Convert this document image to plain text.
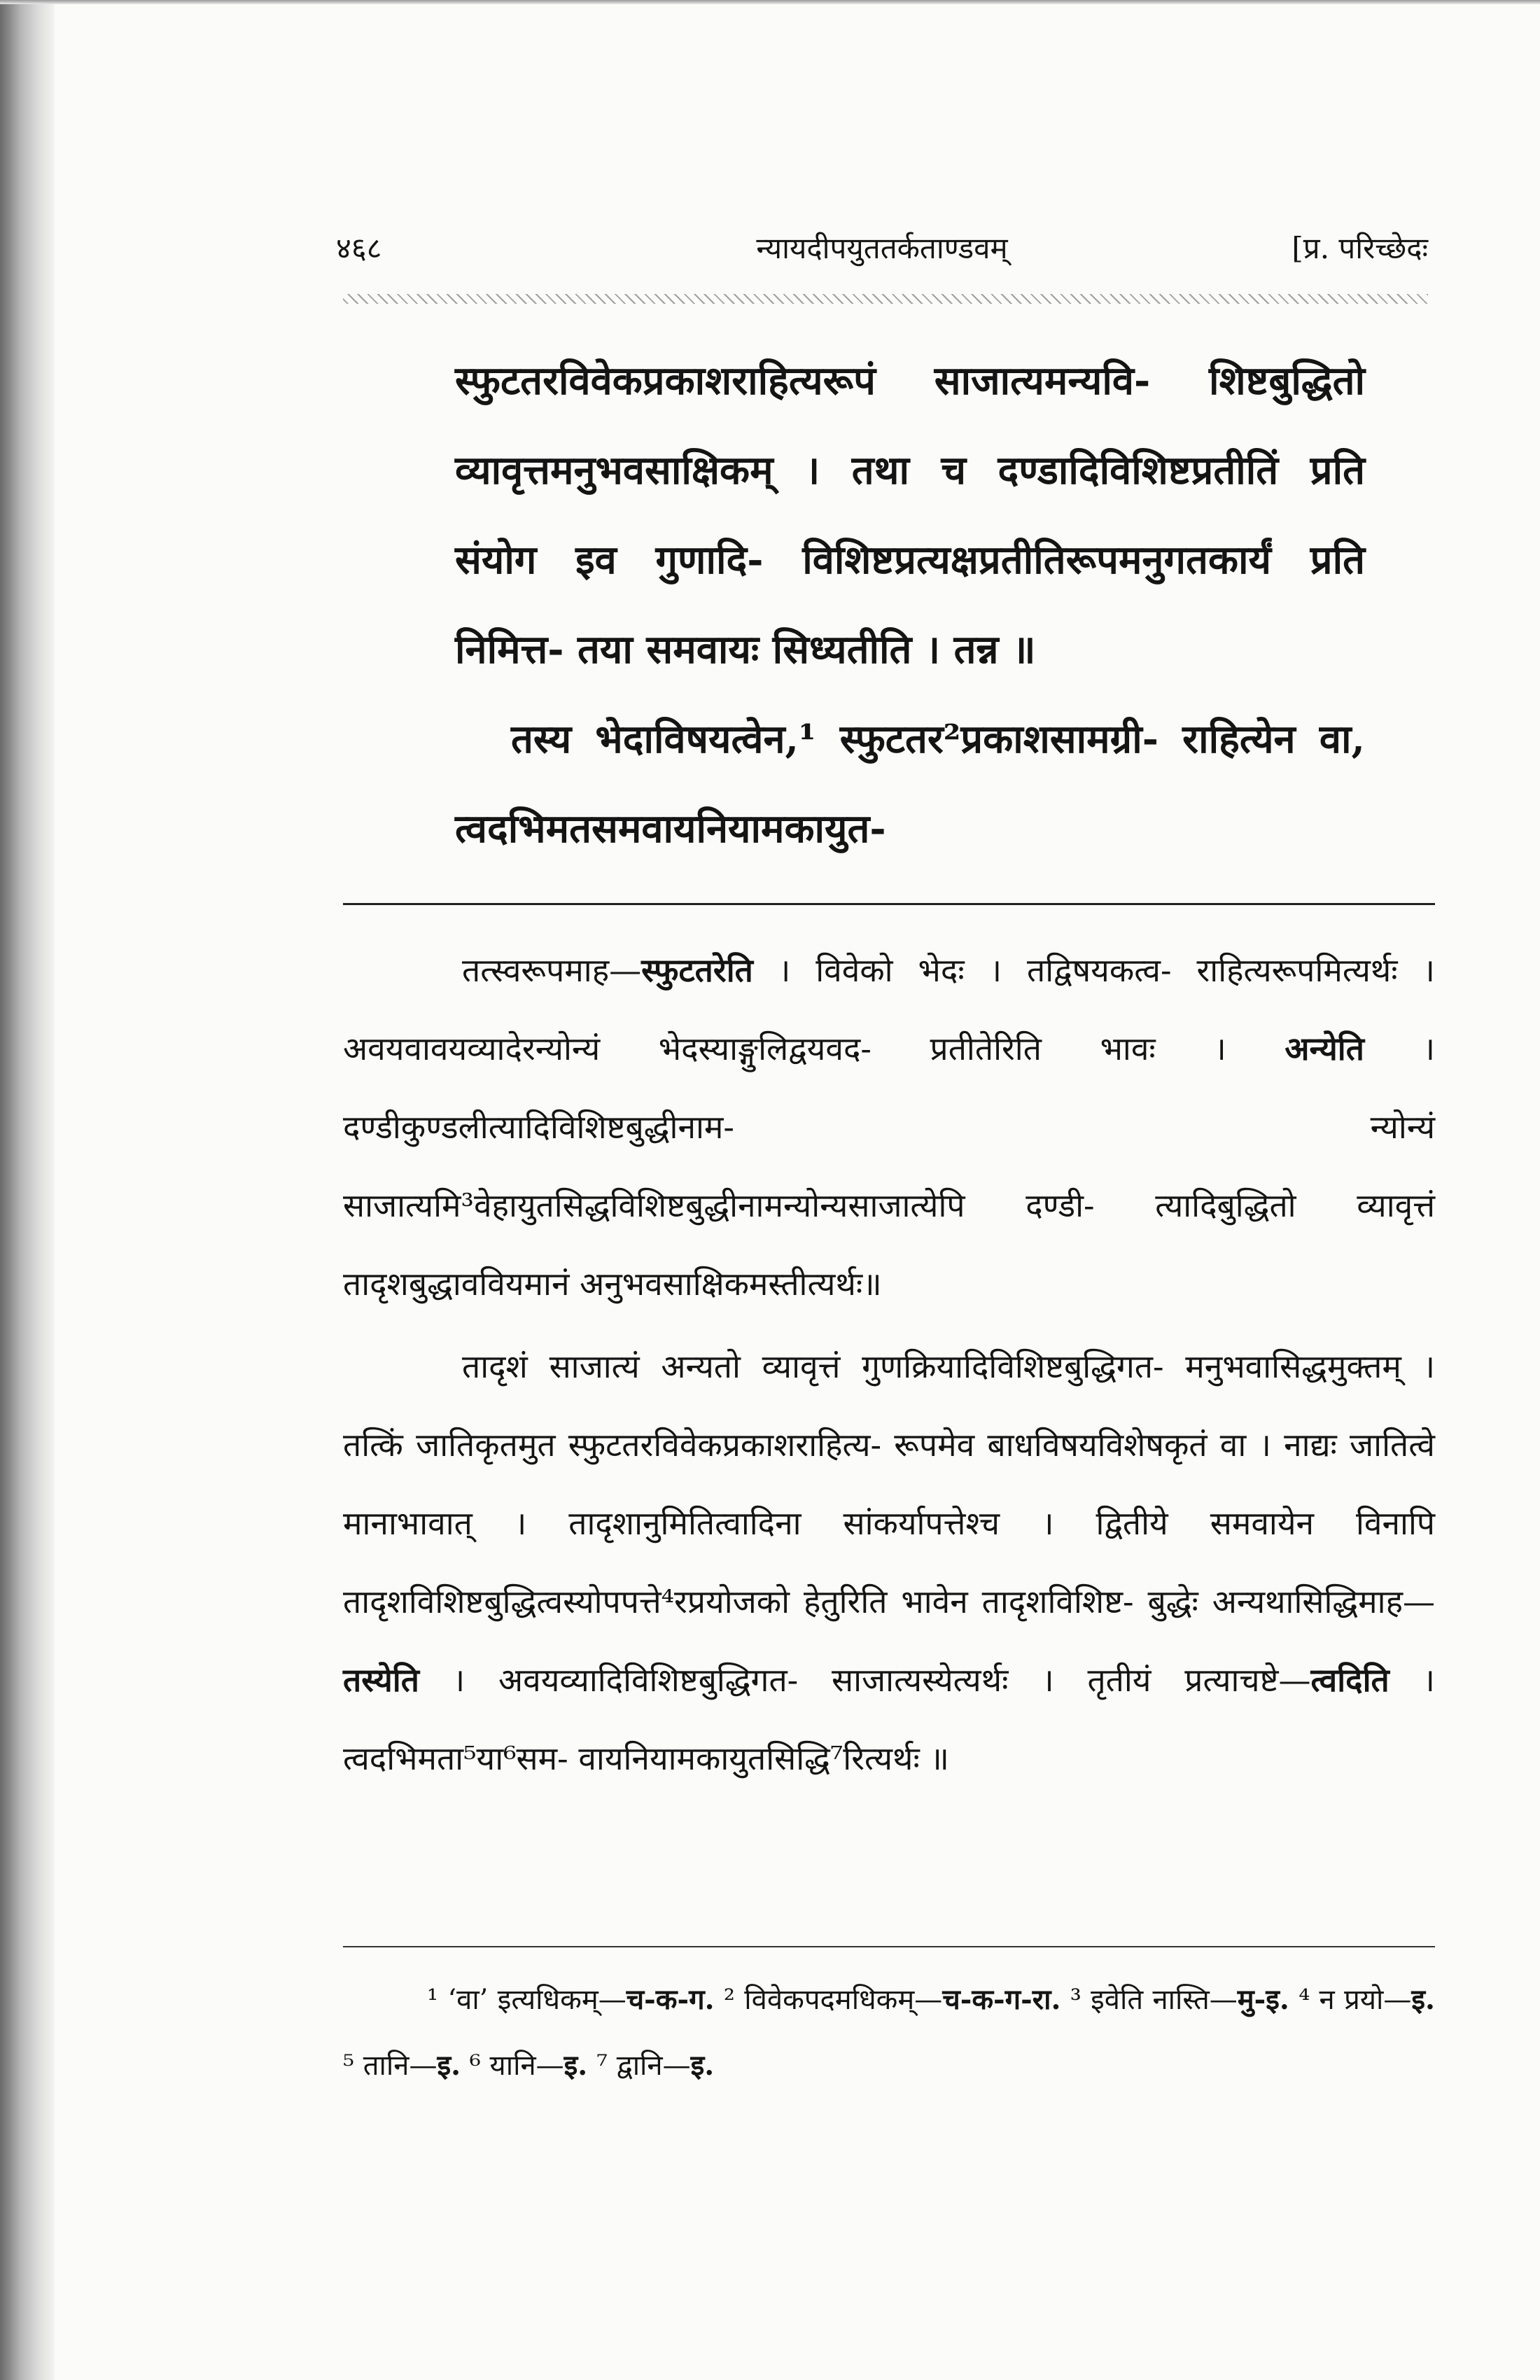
४६८	न्यायदीपयुततर्कताण्डवम्	[प्र. परिच्छेदः

स्फुटतरविवेकप्रकाशराहित्यरूपं साजात्यमन्यवि- शिष्टबुद्धितो व्यावृत्तमनुभवसाक्षिकम् । तथा च दण्डादिविशिष्टप्रतीतिं प्रति संयोग इव गुणादि- विशिष्टप्रत्यक्षप्रतीतिरूपमनुगतकार्यं प्रति निमित्त- तया समवायः सिध्यतीति । तन्न ॥

तस्य भेदाविषयत्वेन,¹ स्फुटतर²प्रकाशसामग्री- राहित्येन वा, त्वदभिमतसमवायनियामकायुत-

तत्स्वरूपमाह—स्फुटतरेति । विवेको भेदः । तद्विषयकत्व- राहित्यरूपमित्यर्थः । अवयवावयव्यादेरन्योन्यं भेदस्याङ्गुलिद्वयवद- प्रतीतेरिति भावः । अन्येति । दण्डीकुण्डलीत्यादिविशिष्टबुद्धीनाम- न्योन्यं साजात्यमि³वेहायुतसिद्धविशिष्टबुद्धीनामन्योन्यसाजात्येपि दण्डी- त्यादिबुद्धितो व्यावृत्तं तादृशबुद्धाववियमानं अनुभवसाक्षिकमस्तीत्यर्थः॥

तादृशं साजात्यं अन्यतो व्यावृत्तं गुणक्रियादिविशिष्टबुद्धिगत- मनुभवासिद्धमुक्तम् । तत्किं जातिकृतमुत स्फुटतरविवेकप्रकाशराहित्य- रूपमेव बाधविषयविशेषकृतं वा । नाद्यः जातित्वे मानाभावात् । तादृशानुमितित्वादिना सांकर्यापत्तेश्च । द्वितीये समवायेन विनापि तादृशविशिष्टबुद्धित्वस्योपपत्ते⁴रप्रयोजको हेतुरिति भावेन तादृशविशिष्ट- बुद्धेः अन्यथासिद्धिमाह—तस्येति । अवयव्यादिविशिष्टबुद्धिगत- साजात्यस्येत्यर्थः । तृतीयं प्रत्याचष्टे—त्वदिति । त्वदभिमता⁵या⁶सम- वायनियामकायुतसिद्धि⁷रित्यर्थः ॥

¹ ‘वा’ इत्यधिकम्—च-क-ग. ² विवेकपदमधिकम्—च-क-ग-रा. ³ इवेति नास्ति—मु-इ. ⁴ न प्रयो—इ. ⁵ तानि—इ. ⁶ यानि—इ. ⁷ द्वानि—इ.
